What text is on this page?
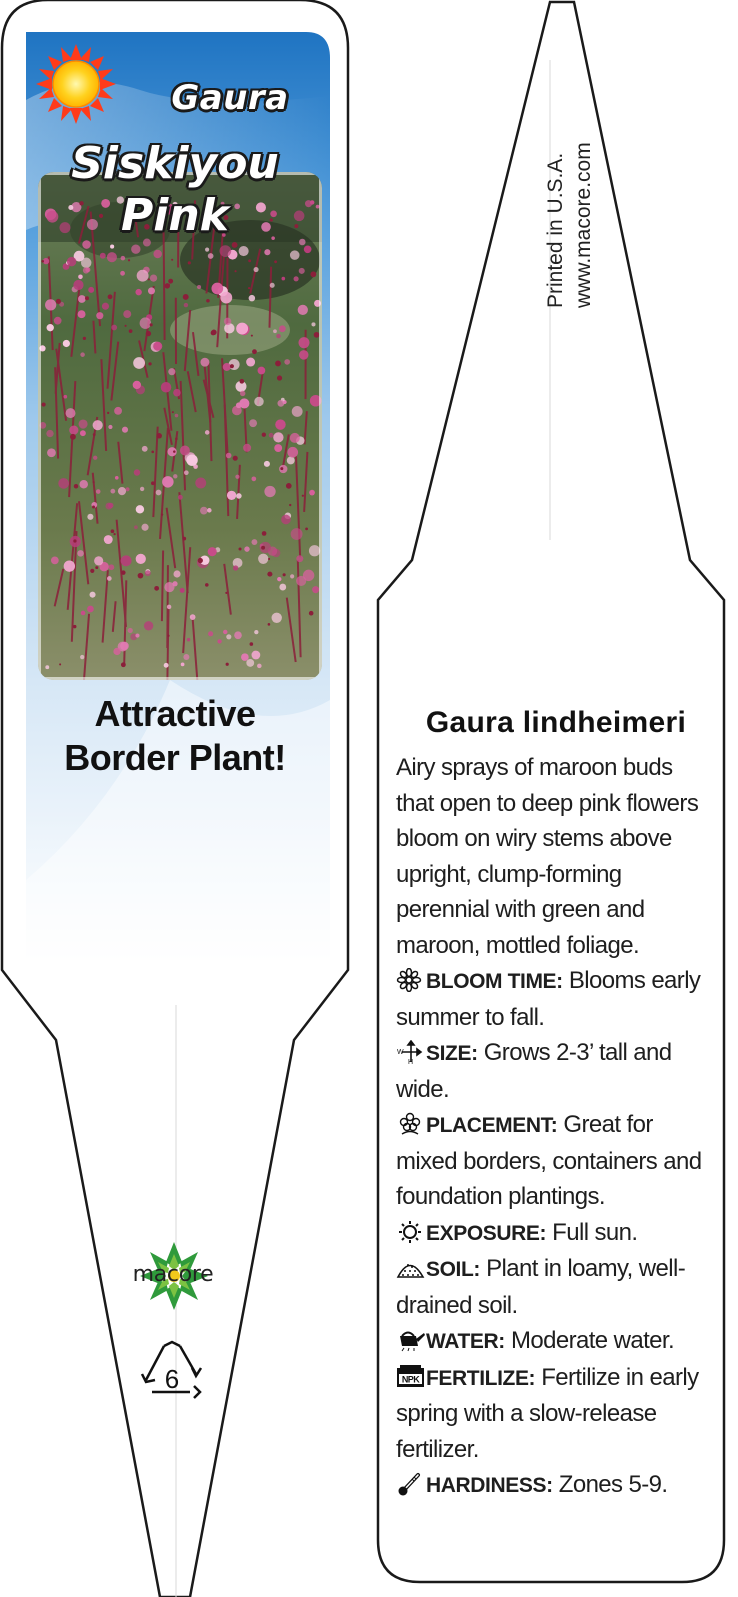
Gaura
Siskiyou
Pink
Attractive
Border Plant!
macore
6
Printed in U.S.A. www.macore.com
Gaura lindheimeri

Airy sprays of maroon buds that open to deep pink flowers bloom on wiry stems above upright, clump-forming perennial with green and maroon, mottled foliage.

BLOOM TIME: Blooms early summer to fall.

W
H SIZE: Grows 2-3’ tall and wide.

PLACEMENT: Great for mixed borders, containers and foundation plantings.

EXPOSURE: Full sun.

SOIL: Plant in loamy, well-drained soil.

WATER: Moderate water.

NPK FERTILIZE: Fertilize in early spring with a slow-release fertilizer.

HARDINESS: Zones 5-9.
